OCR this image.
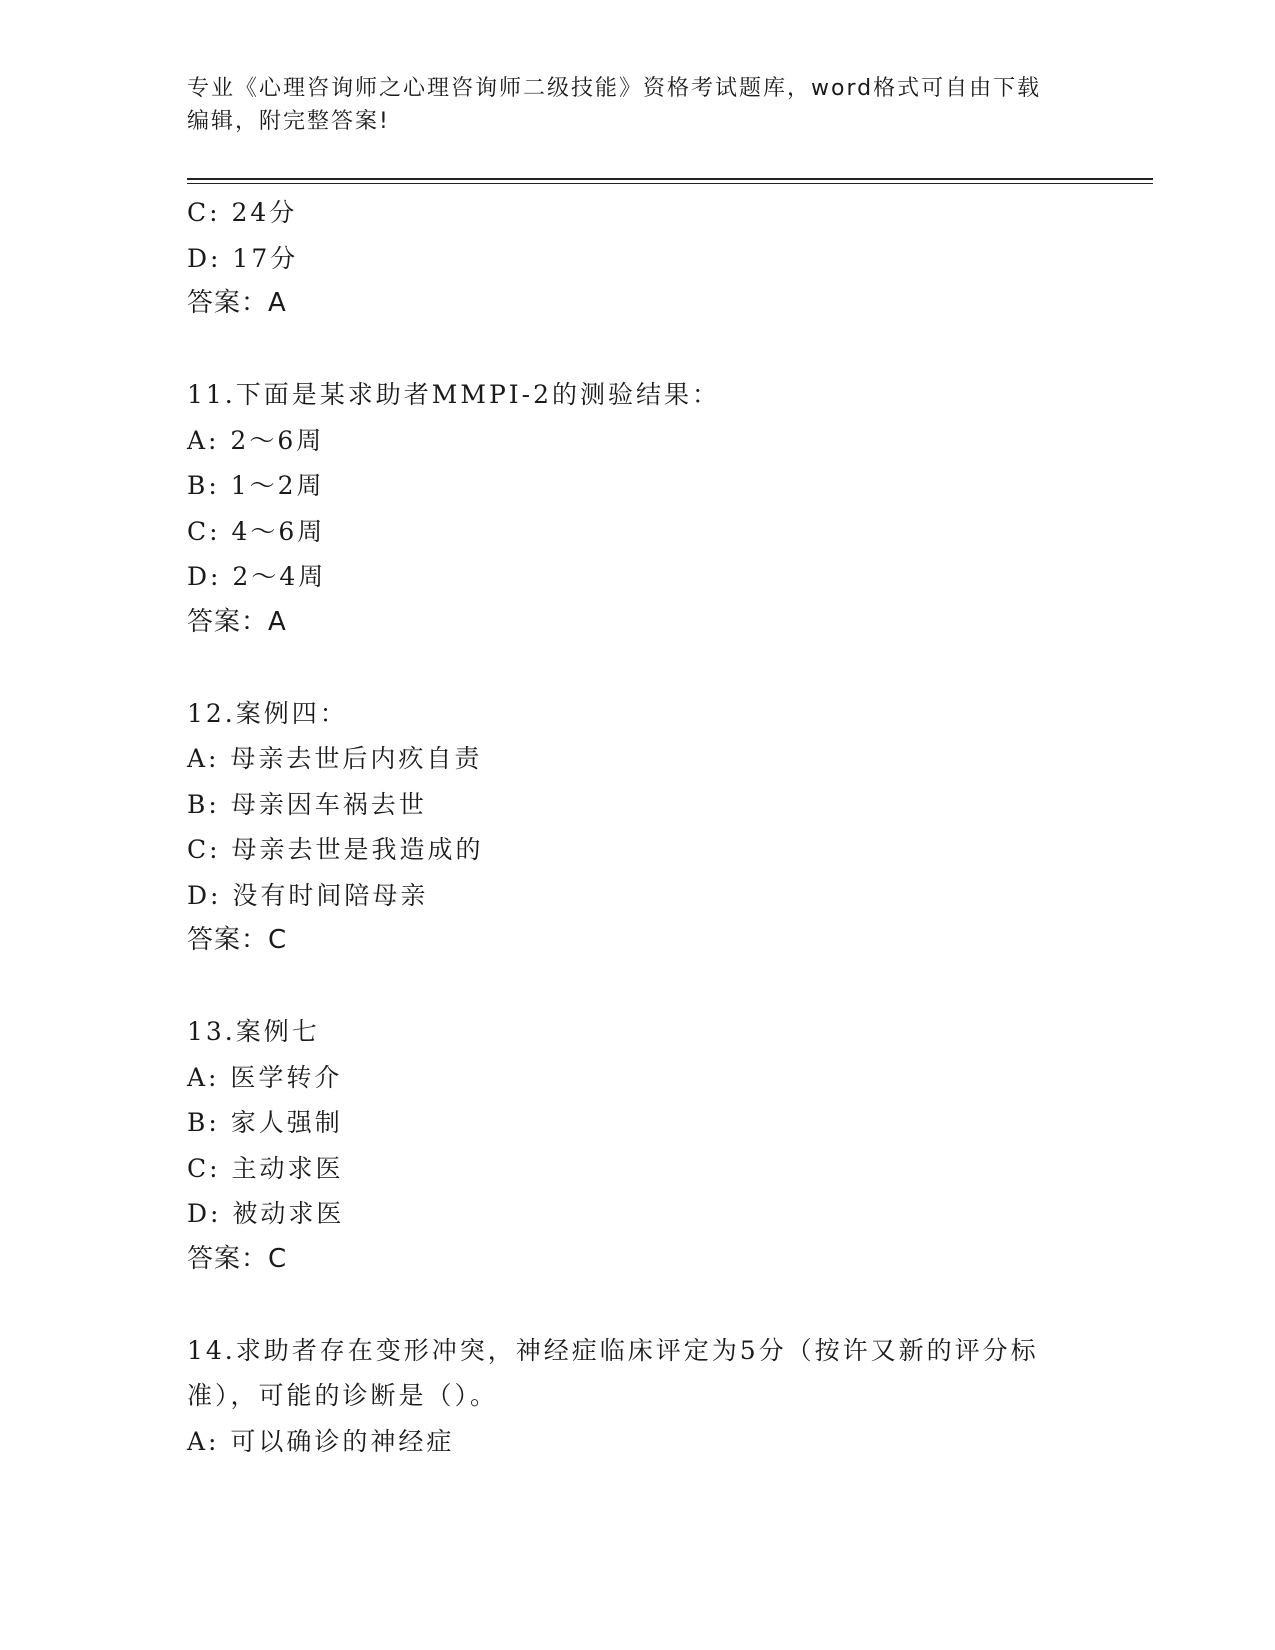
专业《心理咨询师之心理咨询师二级技能》资格考试题库，word格式可自由下载
编辑，附完整答案!
C: 24分
D: 17分
答案：A
11.下面是某求助者MMPI-2的测验结果：
A: 2～6周
B: 1～2周
C: 4～6周
D: 2～4周
答案：A
12.案例四：
A: 母亲去世后内疚自责
B: 母亲因车祸去世
C: 母亲去世是我造成的
D: 没有时间陪母亲
答案：C
13.案例七
A: 医学转介
B: 家人强制
C: 主动求医
D: 被动求医
答案：C
14.求助者存在变形冲突，神经症临床评定为5分（按许又新的评分标
准），可能的诊断是（）。
A: 可以确诊的神经症
